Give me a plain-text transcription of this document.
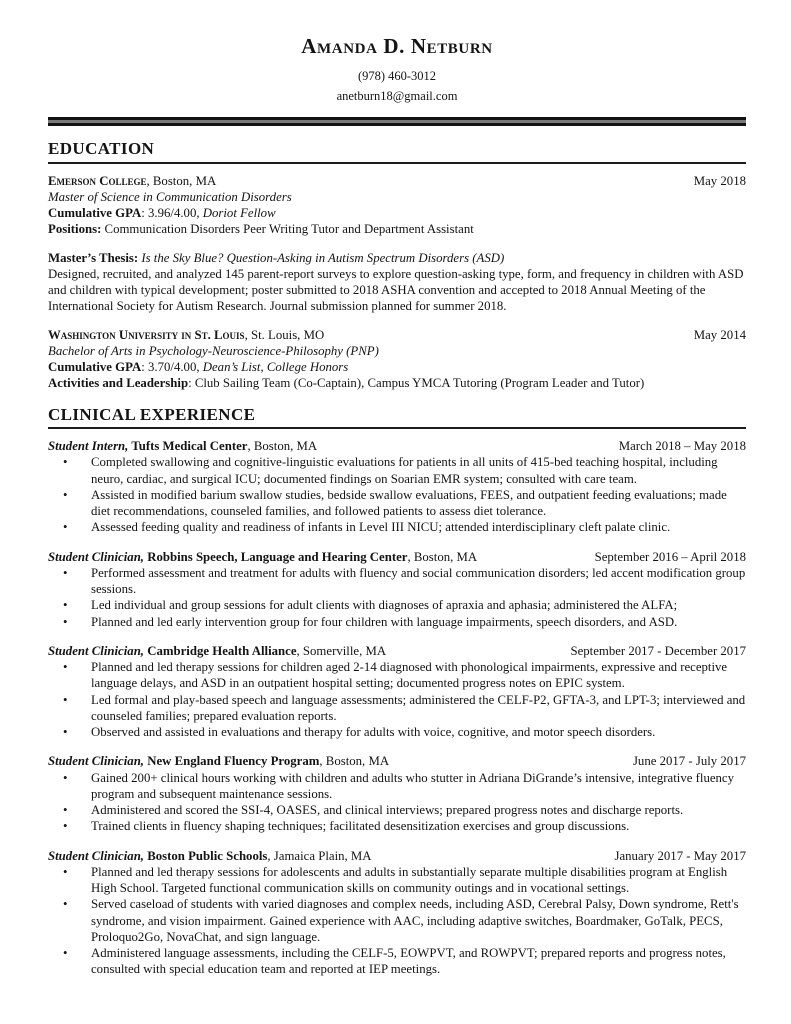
Amanda D. Netburn
(978) 460-3012
anetburn18@gmail.com
EDUCATION
Emerson College, Boston, MA	May 2018
Master of Science in Communication Disorders
Cumulative GPA: 3.96/4.00, Doriot Fellow
Positions: Communication Disorders Peer Writing Tutor and Department Assistant
Master’s Thesis: Is the Sky Blue? Question-Asking in Autism Spectrum Disorders (ASD)
Designed, recruited, and analyzed 145 parent-report surveys to explore question-asking type, form, and frequency in children with ASD and children with typical development; poster submitted to 2018 ASHA convention and accepted to 2018 Annual Meeting of the International Society for Autism Research. Journal submission planned for summer 2018.
Washington University in St. Louis, St. Louis, MO	May 2014
Bachelor of Arts in Psychology-Neuroscience-Philosophy (PNP)
Cumulative GPA: 3.70/4.00, Dean’s List, College Honors
Activities and Leadership: Club Sailing Team (Co-Captain), Campus YMCA Tutoring (Program Leader and Tutor)
CLINICAL EXPERIENCE
Student Intern, Tufts Medical Center, Boston, MA	March 2018 – May 2018
•	Completed swallowing and cognitive-linguistic evaluations for patients in all units of 415-bed teaching hospital, including neuro, cardiac, and surgical ICU; documented findings on Soarian EMR system; consulted with care team.
•	Assisted in modified barium swallow studies, bedside swallow evaluations, FEES, and outpatient feeding evaluations; made diet recommendations, counseled families, and followed patients to assess diet tolerance.
•	Assessed feeding quality and readiness of infants in Level III NICU; attended interdisciplinary cleft palate clinic.
Student Clinician, Robbins Speech, Language and Hearing Center, Boston, MA	September 2016 – April 2018
•	Performed assessment and treatment for adults with fluency and social communication disorders; led accent modification group sessions.
•	Led individual and group sessions for adult clients with diagnoses of apraxia and aphasia; administered the ALFA;
•	Planned and led early intervention group for four children with language impairments, speech disorders, and ASD.
Student Clinician, Cambridge Health Alliance, Somerville, MA	September 2017 - December 2017
•	Planned and led therapy sessions for children aged 2-14 diagnosed with phonological impairments, expressive and receptive language delays, and ASD in an outpatient hospital setting; documented progress notes on EPIC system.
•	Led formal and play-based speech and language assessments; administered the CELF-P2, GFTA-3, and LPT-3; interviewed and counseled families; prepared evaluation reports.
•	Observed and assisted in evaluations and therapy for adults with voice, cognitive, and motor speech disorders.
Student Clinician, New England Fluency Program, Boston, MA	June 2017 - July 2017
•	Gained 200+ clinical hours working with children and adults who stutter in Adriana DiGrande’s intensive, integrative fluency program and subsequent maintenance sessions.
•	Administered and scored the SSI-4, OASES, and clinical interviews; prepared progress notes and discharge reports.
•	Trained clients in fluency shaping techniques; facilitated desensitization exercises and group discussions.
Student Clinician, Boston Public Schools, Jamaica Plain, MA	January 2017 - May 2017
•	Planned and led therapy sessions for adolescents and adults in substantially separate multiple disabilities program at English High School. Targeted functional communication skills on community outings and in vocational settings.
•	Served caseload of students with varied diagnoses and complex needs, including ASD, Cerebral Palsy, Down syndrome, Rett's syndrome, and vision impairment. Gained experience with AAC, including adaptive switches, Boardmaker, GoTalk, PECS, Proloquo2Go, NovaChat, and sign language.
•	Administered language assessments, including the CELF-5, EOWPVT, and ROWPVT; prepared reports and progress notes, consulted with special education team and reported at IEP meetings.
